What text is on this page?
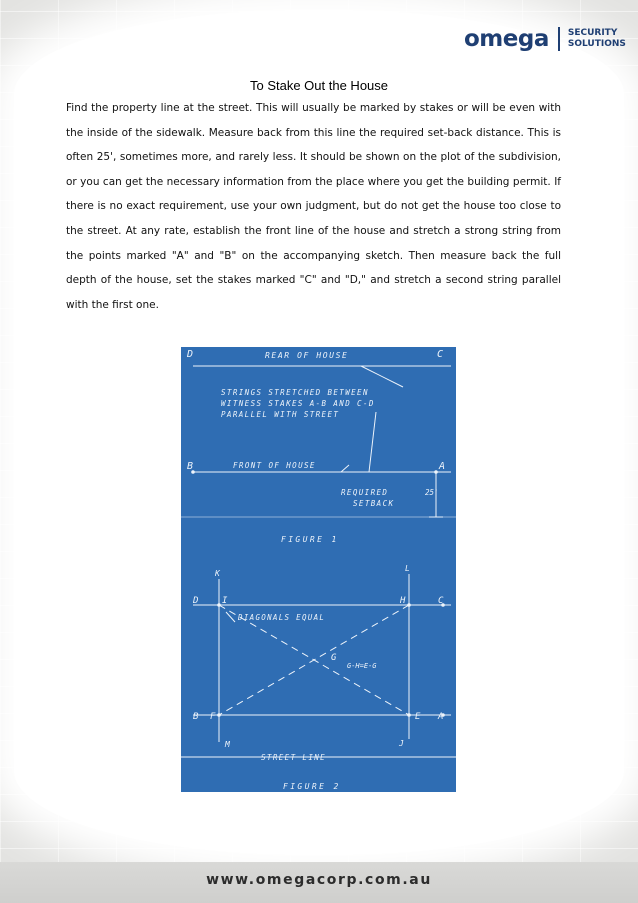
omega SECURITY
SOLUTIONS
To Stake Out the House

Find the property line at the street. This will usually be marked by stakes or will be even with the inside of the sidewalk. Measure back from this line the required set-back distance. This is often 25', sometimes more, and rarely less. It should be shown on the plot of the subdivision, or you can get the necessary information from the place where you get the building permit. If there is no exact requirement, use your own judgment, but do not get the house too close to the street. At any rate, establish the front line of the house and stretch a strong string from the points marked "A" and "B" on the accompanying sketch. Then measure back the full depth of the house, set the stakes marked "C" and "D," and stretch a second string parallel with the first one.

D	C
REAR OF HOUSE
STRINGS STRETCHED BETWEEN
WITNESS STAKES A-B AND C-D
PARALLEL WITH STREET
B	A
FRONT OF HOUSE
25'
REQUIRED
SETBACK
FIGURE 1
K
L
D	I	H	C
DIAGONALS EQUAL
G
G-H=E-G
B F	E A
M	J
STREET LINE
FIGURE 2
www.omegacorp.com.au
